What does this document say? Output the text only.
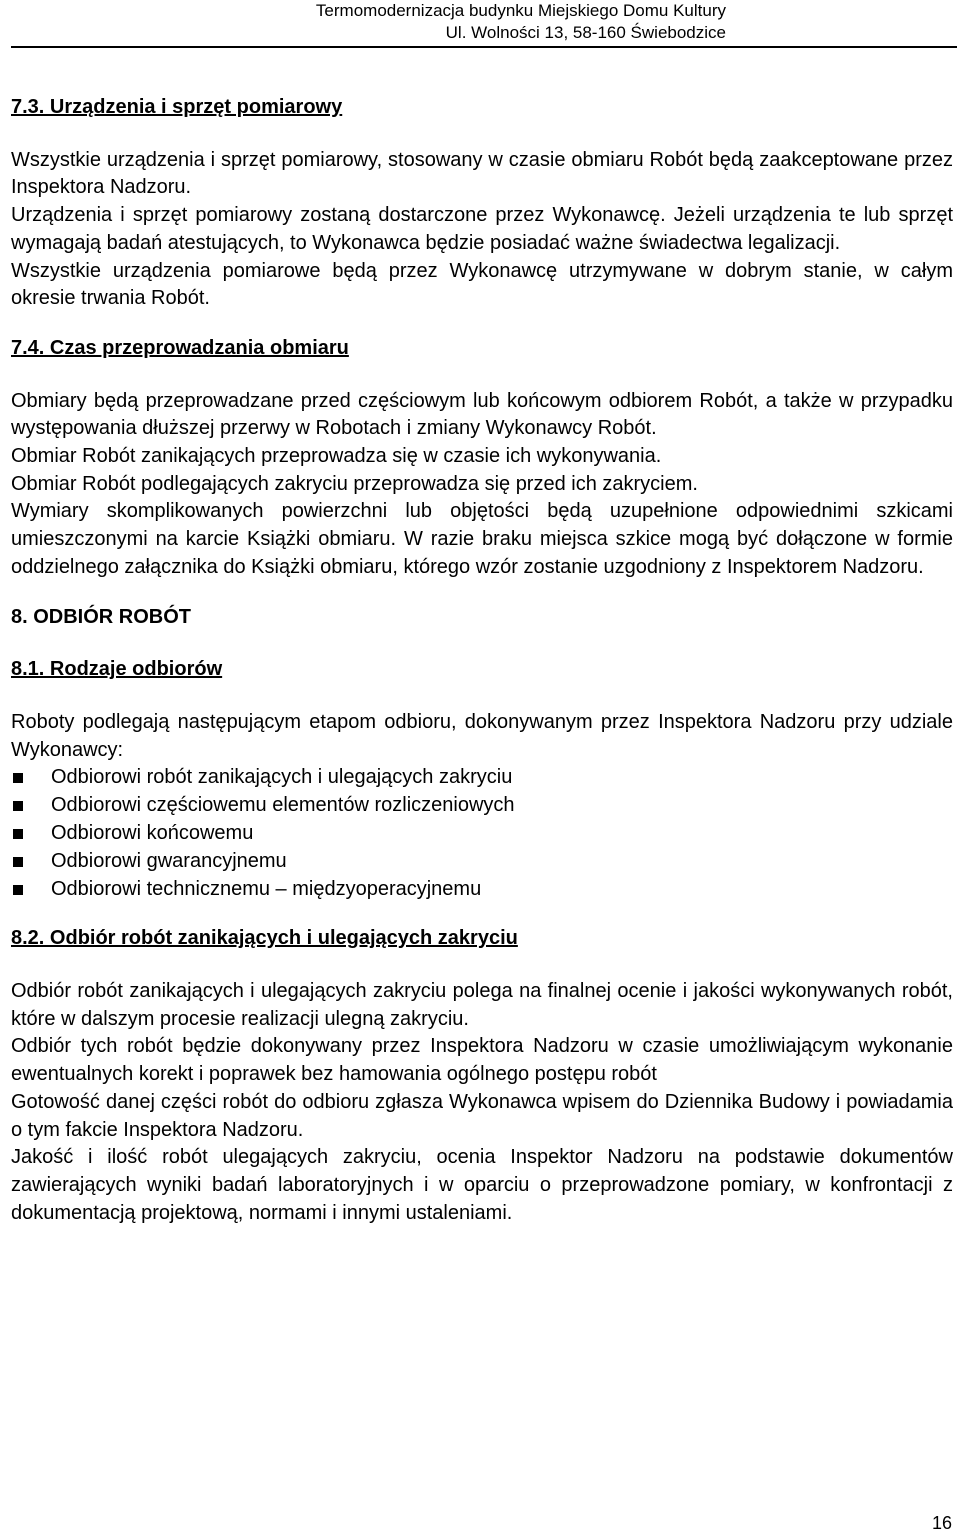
Termomodernizacja budynku Miejskiego Domu Kultury
Ul. Wolności 13, 58-160 Świebodzice
7.3. Urządzenia i sprzęt pomiarowy

Wszystkie urządzenia i sprzęt pomiarowy, stosowany w czasie obmiaru Robót będą zaakceptowane przez Inspektora Nadzoru.

Urządzenia i sprzęt pomiarowy zostaną dostarczone przez Wykonawcę. Jeżeli urządzenia te lub sprzęt wymagają badań atestujących, to Wykonawca będzie posiadać ważne świadectwa legalizacji.

Wszystkie urządzenia pomiarowe będą przez Wykonawcę utrzymywane w dobrym stanie, w całym okresie trwania Robót.

7.4. Czas przeprowadzania obmiaru

Obmiary będą przeprowadzane przed częściowym lub końcowym odbiorem Robót, a także w przypadku występowania dłuższej przerwy w Robotach i zmiany Wykonawcy Robót.

Obmiar Robót zanikających przeprowadza się w czasie ich wykonywania.

Obmiar Robót podlegających zakryciu przeprowadza się przed ich zakryciem.

Wymiary skomplikowanych powierzchni lub objętości będą uzupełnione odpowiednimi szkicami umieszczonymi na karcie Książki obmiaru. W razie braku miejsca szkice mogą być dołączone w formie oddzielnego załącznika do Książki obmiaru, którego wzór zostanie uzgodniony z Inspektorem Nadzoru.

8. ODBIÓR ROBÓT
8.1. Rodzaje odbiorów

Roboty podlegają następującym etapom odbioru, dokonywanym przez Inspektora Nadzoru przy udziale Wykonawcy:

Odbiorowi robót zanikających i ulegających zakryciu
Odbiorowi częściowemu elementów rozliczeniowych
Odbiorowi końcowemu
Odbiorowi gwarancyjnemu
Odbiorowi technicznemu – międzyoperacyjnemu
8.2. Odbiór robót zanikających i ulegających zakryciu

Odbiór robót zanikających i ulegających zakryciu polega na finalnej ocenie i jakości wykonywanych robót, które w dalszym procesie realizacji ulegną zakryciu.

Odbiór tych robót będzie dokonywany przez Inspektora Nadzoru w czasie umożliwiającym wykonanie ewentualnych korekt i poprawek bez hamowania ogólnego postępu robót

Gotowość danej części robót do odbioru zgłasza Wykonawca wpisem do Dziennika Budowy i powiadamia o tym fakcie Inspektora Nadzoru.

Jakość i ilość robót ulegających zakryciu, ocenia Inspektor Nadzoru na podstawie dokumentów zawierających wyniki badań laboratoryjnych i w oparciu o przeprowadzone pomiary, w konfrontacji z dokumentacją projektową, normami i innymi ustaleniami.

16
